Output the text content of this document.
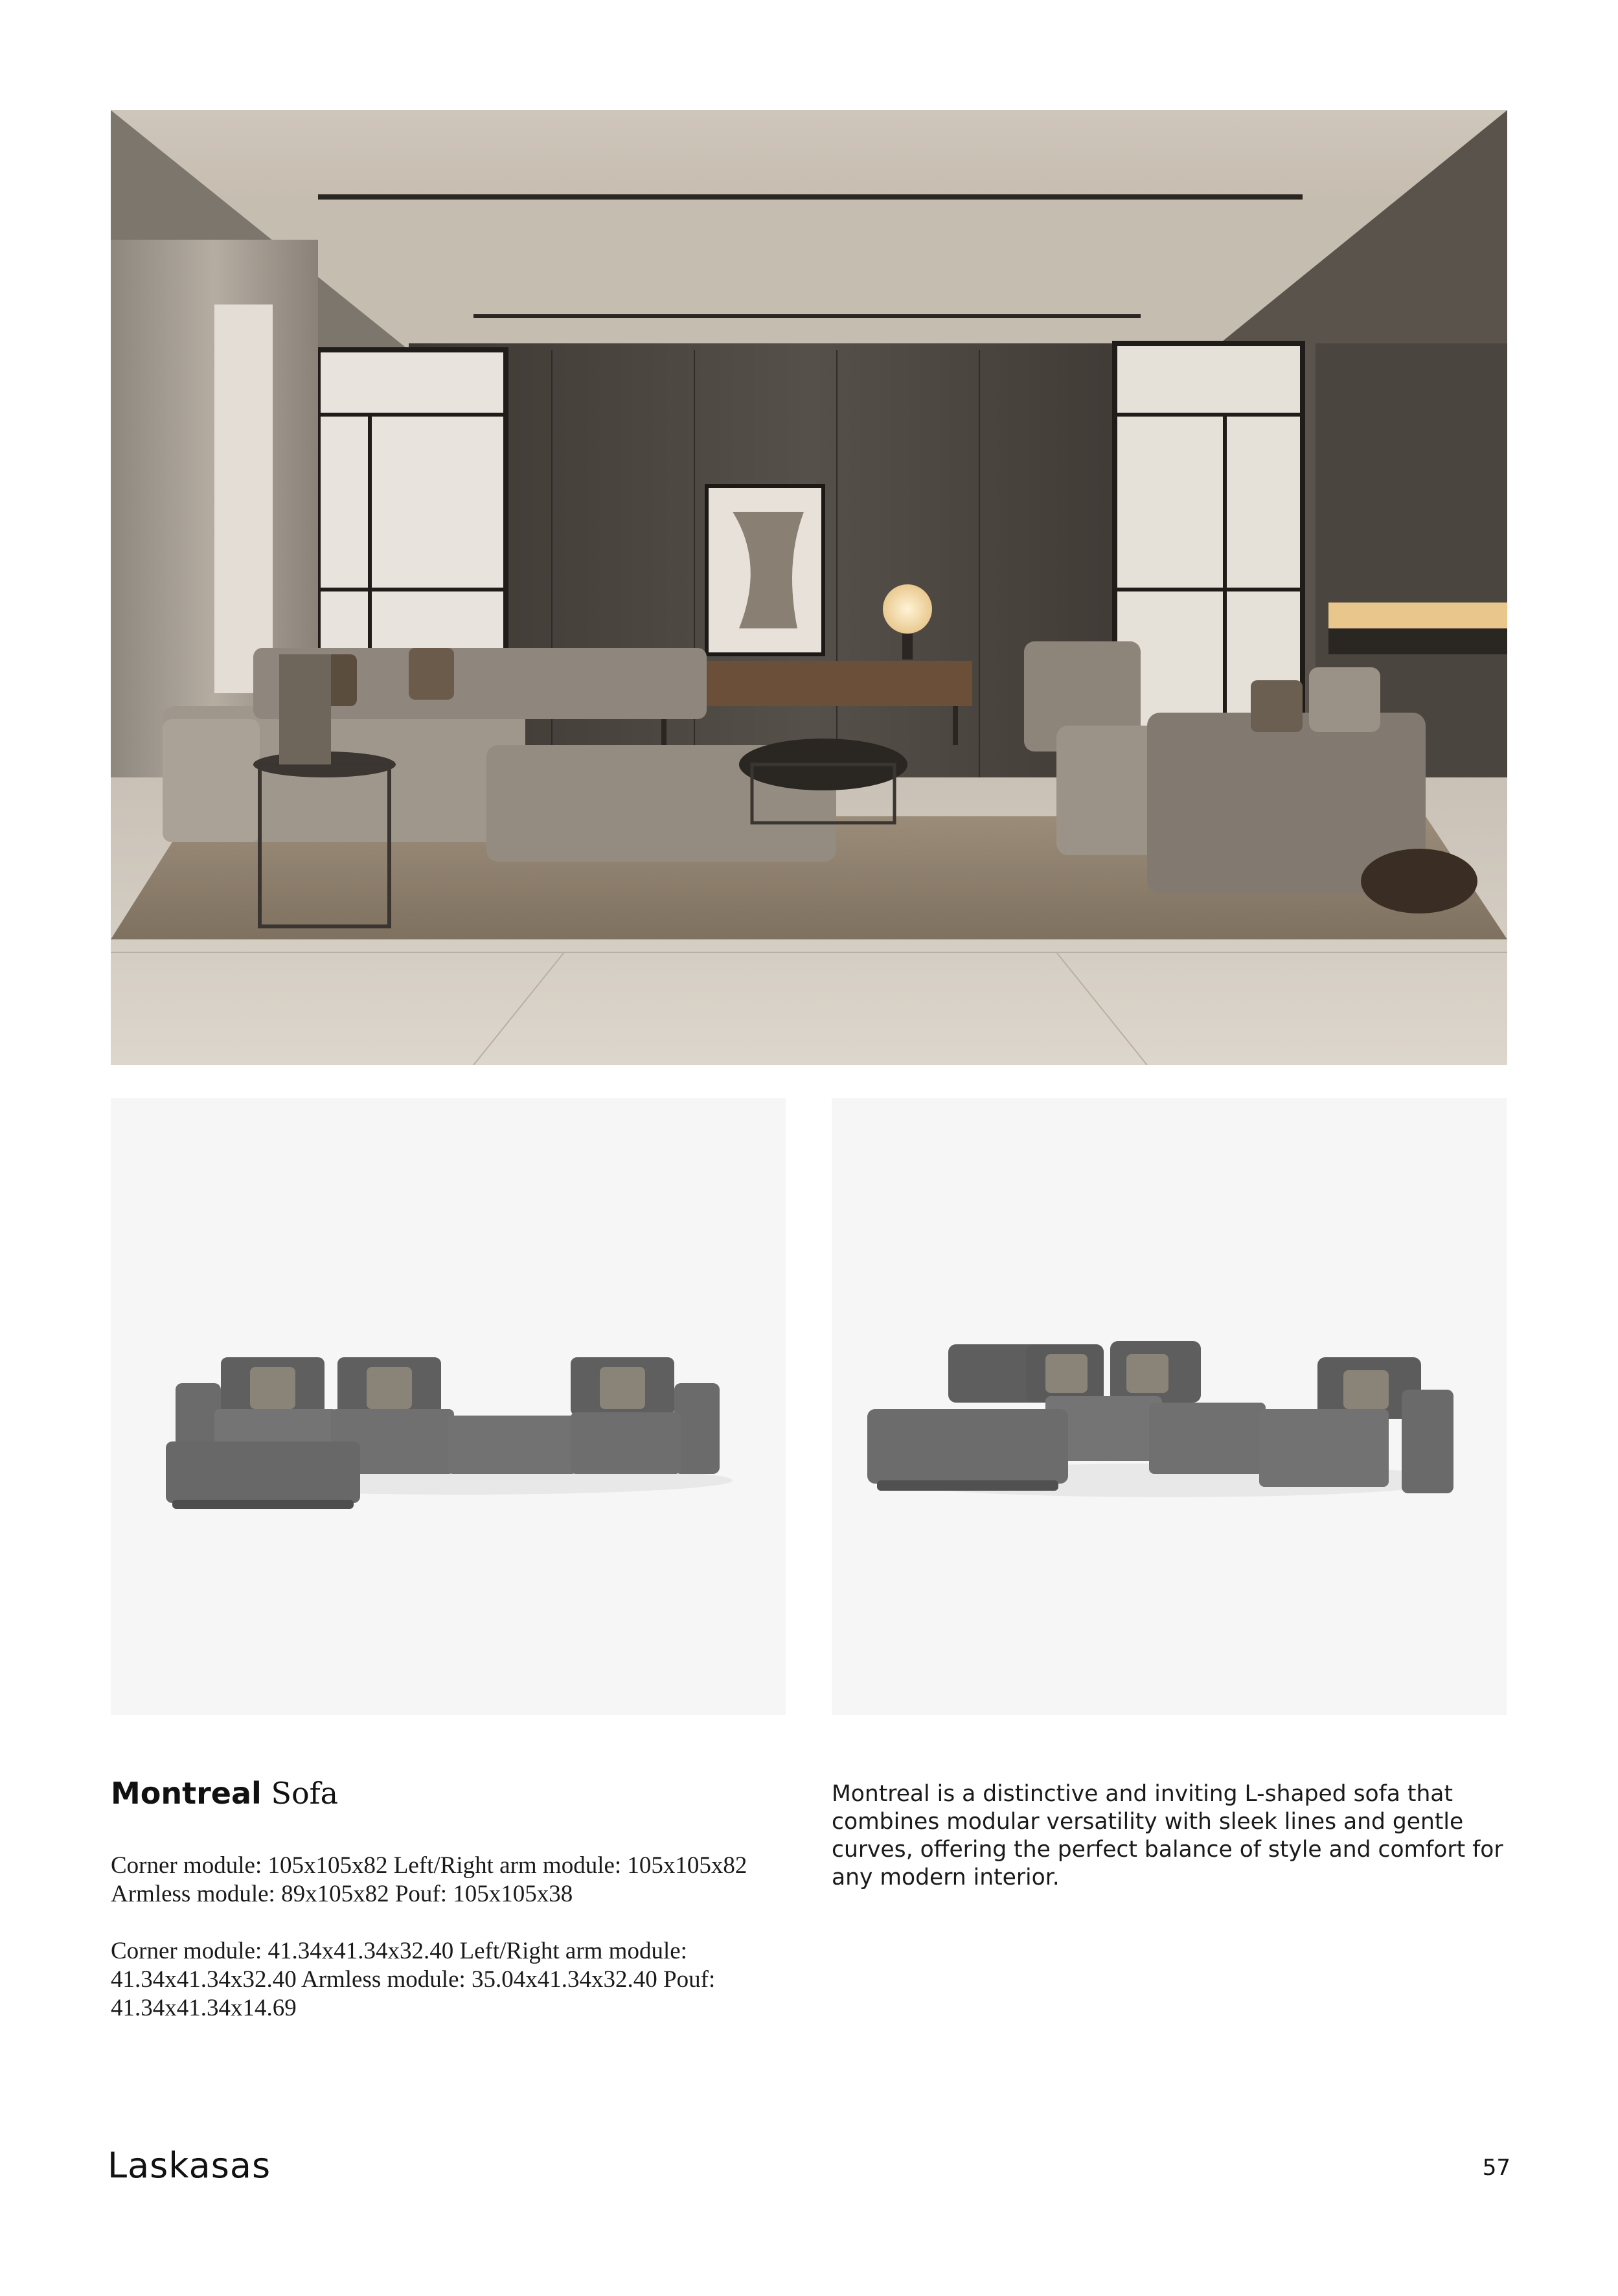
Montreal Sofa

Corner module: 105x105x82 Left/Right arm module: 105x105x82 Armless module: 89x105x82 Pouf: 105x105x38

Corner module: 41.34x41.34x32.40 Left/Right arm module: 41.34x41.34x32.40 Armless module: 35.04x41.34x32.40 Pouf: 41.34x41.34x14.69

Montreal is a distinctive and inviting L-shaped sofa that combines modular versatility with sleek lines and gentle curves, offering the perfect balance of style and comfort for any modern interior.

Laskasas	57
